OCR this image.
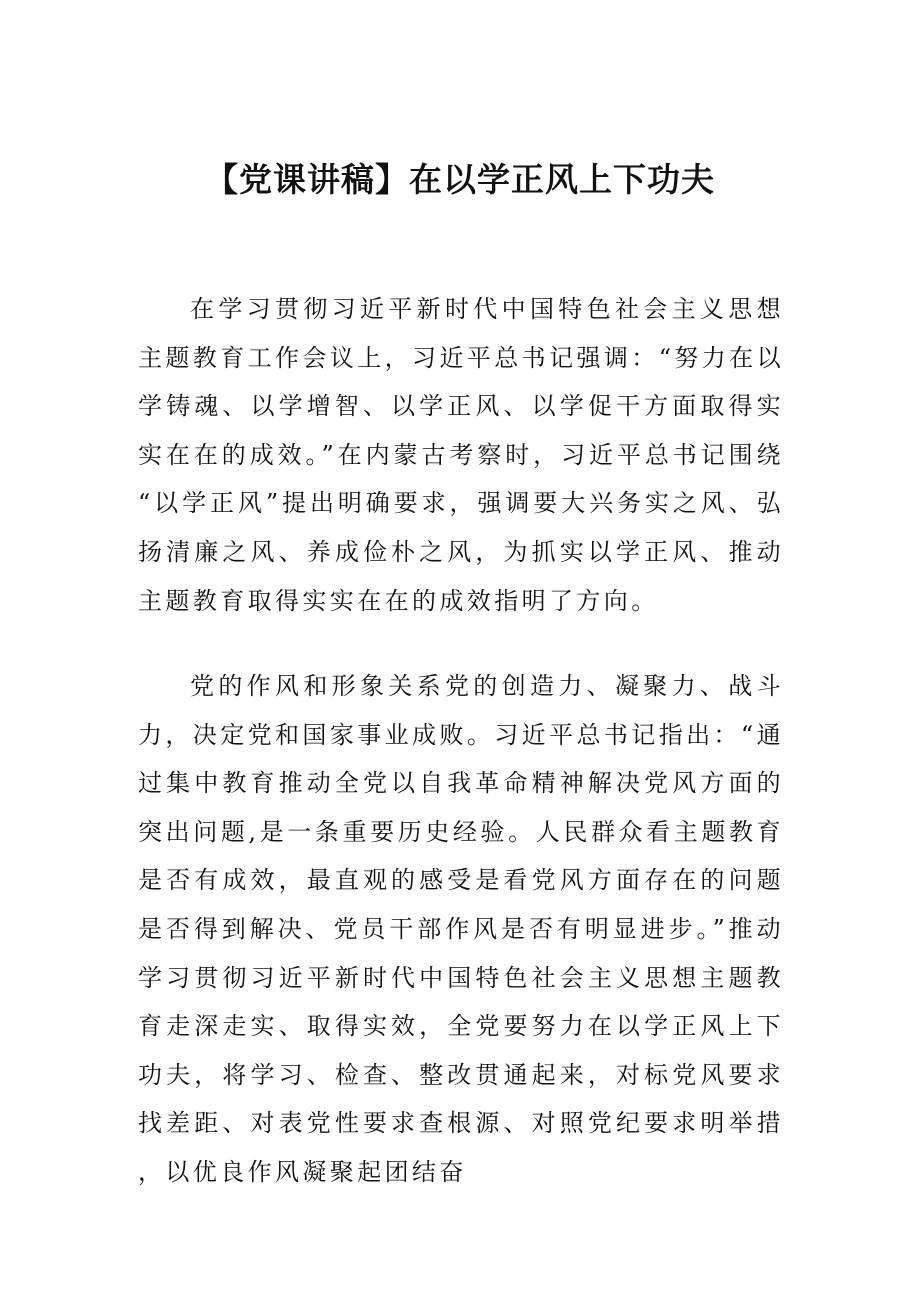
【党课讲稿】在以学正风上下功夫

在学习贯彻习近平新时代中国特色社会主义思想主题教育工作会议上，习近平总书记强调：“努力在以学铸魂、以学增智、以学正风、以学促干方面取得实实在在的成效。”在内蒙古考察时，习近平总书记围绕“以学正风”提出明确要求，强调要大兴务实之风、弘扬清廉之风、养成俭朴之风，为抓实以学正风、推动主题教育取得实实在在的成效指明了方向。

党的作风和形象关系党的创造力、凝聚力、战斗力，决定党和国家事业成败。习近平总书记指出：“通过集中教育推动全党以自我革命精神解决党风方面的突出问题,是一条重要历史经验。人民群众看主题教育是否有成效，最直观的感受是看党风方面存在的问题是否得到解决、党员干部作风是否有明显进步。”推动学习贯彻习近平新时代中国特色社会主义思想主题教育走深走实、取得实效，全党要努力在以学正风上下功夫，将学习、检查、整改贯通起来，对标党风要求找差距、对表党性要求查根源、对照党纪要求明举措，以优良作风凝聚起团结奋
